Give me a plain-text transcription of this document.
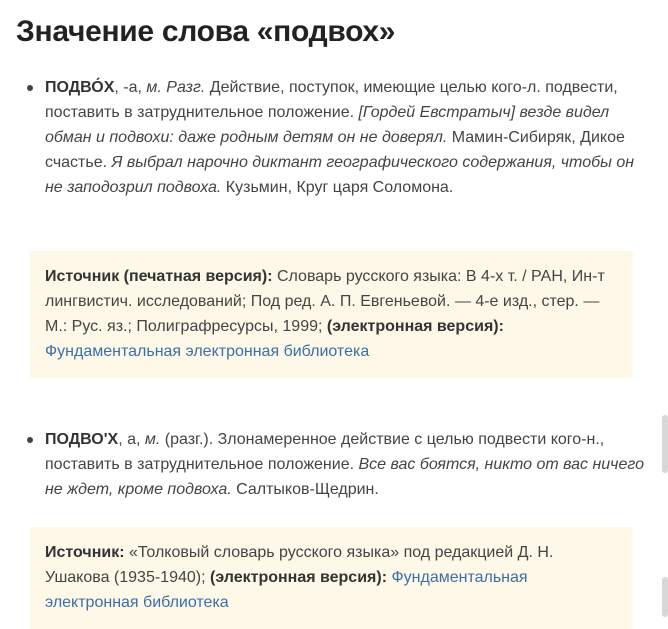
Значение слова «подвох»
ПОДВО́Х, -а, м. Разг. Действие, поступок, имеющие целью кого-л. подвести, поставить в затруднительное положение. [Гордей Евстратыч] везде видел обман и подвохи: даже родным детям он не доверял. Мамин-Сибиряк, Дикое счастье. Я выбрал нарочно диктант географического содержания, чтобы он не заподозрил подвоха. Кузьмин, Круг царя Соломона.
Источник (печатная версия): Словарь русского языка: В 4-х т. / РАН, Ин-т лингвистич. исследований; Под ред. А. П. Евгеньевой. — 4-е изд., стер. — М.: Рус. яз.; Полиграфресурсы, 1999; (электронная версия): Фундаментальная электронная библиотека
ПОДВО'Х, а, м. (разг.). Злонамеренное действие с целью подвести кого-н., поставить в затруднительное положение. Все вас боятся, никто от вас ничего не ждет, кроме подвоха. Салтыков-Щедрин.
Источник: «Толковый словарь русского языка» под редакцией Д. Н. Ушакова (1935-1940); (электронная версия): Фундаментальная электронная библиотека
